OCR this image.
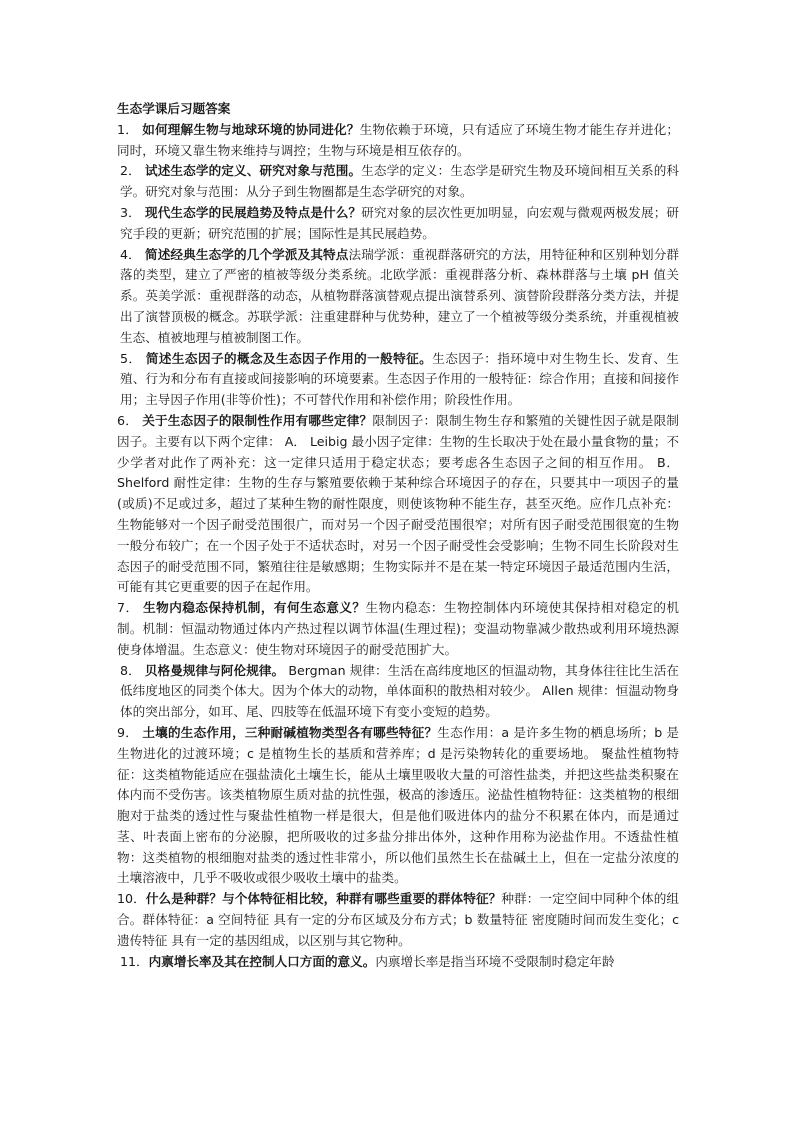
生态学课后习题答案

1． 如何理解生物与地球环境的协同进化？生物依赖于环境，只有适应了环境生物才能生存并进化；同时，环境又靠生物来维持与调控；生物与环境是相互依存的。

2． 试述生态学的定义、研究对象与范围。生态学的定义：生态学是研究生物及环境间相互关系的科学。研究对象与范围：从分子到生物圈都是生态学研究的对象。

3． 现代生态学的民展趋势及特点是什么？研究对象的层次性更加明显，向宏观与微观两极发展；研究手段的更新；研究范围的扩展；国际性是其民展趋势。

4． 简述经典生态学的几个学派及其特点法瑞学派：重视群落研究的方法，用特征种和区别种划分群落的类型，建立了严密的植被等级分类系统。北欧学派：重视群落分析、森林群落与土壤 pH 值关系。英美学派：重视群落的动态，从植物群落演替观点提出演替系列、演替阶段群落分类方法，并提出了演替顶极的概念。苏联学派：注重建群种与优势种，建立了一个植被等级分类系统，并重视植被生态、植被地理与植被制图工作。

5． 简述生态因子的概念及生态因子作用的一般特征。生态因子：指环境中对生物生长、发育、生殖、行为和分布有直接或间接影响的环境要素。生态因子作用的一般特征：综合作用；直接和间接作用；主导因子作用(非等价性)；不可替代作用和补偿作用；阶段性作用。

6． 关于生态因子的限制性作用有哪些定律？限制因子：限制生物生存和繁殖的关键性因子就是限制因子。主要有以下两个定律： A． Leibig 最小因子定律：生物的生长取决于处在最小量食物的量；不少学者对此作了两补充：这一定律只适用于稳定状态；要考虑各生态因子之间的相互作用。 B． Shelford 耐性定律：生物的生存与繁殖要依赖于某种综合环境因子的存在，只要其中一项因子的量(或质)不足或过多，超过了某种生物的耐性限度，则使该物种不能生存，甚至灭绝。应作几点补充：生物能够对一个因子耐受范围很广，而对另一个因子耐受范围很窄；对所有因子耐受范围很宽的生物一般分布较广；在一个因子处于不适状态时，对另一个因子耐受性会受影响；生物不同生长阶段对生态因子的耐受范围不同，繁殖往往是敏感期；生物实际并不是在某一特定环境因子最适范围内生活，可能有其它更重要的因子在起作用。

7． 生物内稳态保持机制，有何生态意义？生物内稳态：生物控制体内环境使其保持相对稳定的机制。机制：恒温动物通过体内产热过程以调节体温(生理过程)；变温动物靠减少散热或利用环境热源使身体增温。生态意义：使生物对环境因子的耐受范围扩大。

8． 贝格曼规律与阿伦规律。 Bergman 规律：生活在高纬度地区的恒温动物，其身体往往比生活在低纬度地区的同类个体大。因为个体大的动物，单体面积的散热相对较少。 Allen 规律：恒温动物身体的突出部分，如耳、尾、四肢等在低温环境下有变小变短的趋势。

9． 土壤的生态作用，三种耐碱植物类型各有哪些特征？生态作用：a 是许多生物的栖息场所；b 是生物进化的过渡环境；c 是植物生长的基质和营养库；d 是污染物转化的重要场地。 聚盐性植物特征：这类植物能适应在强盐渍化土壤生长，能从土壤里吸收大量的可溶性盐类，并把这些盐类积聚在体内而不受伤害。该类植物原生质对盐的抗性强，极高的渗透压。泌盐性植物特征：这类植物的根细胞对于盐类的透过性与聚盐性植物一样是很大，但是他们吸进体内的盐分不积累在体内，而是通过茎、叶表面上密布的分泌腺，把所吸收的过多盐分排出体外，这种作用称为泌盐作用。不透盐性植物：这类植物的根细胞对盐类的透过性非常小，所以他们虽然生长在盐碱土上，但在一定盐分浓度的土壤溶液中，几乎不吸收或很少吸收土壤中的盐类。

10．什么是种群？与个体特征相比较，种群有哪些重要的群体特征？种群：一定空间中同种个体的组合。群体特征：a 空间特征 具有一定的分布区域及分布方式；b 数量特征 密度随时间而发生变化；c 遗传特征 具有一定的基因组成，以区别与其它物种。

11．内禀增长率及其在控制人口方面的意义。内禀增长率是指当环境不受限制时稳定年龄
